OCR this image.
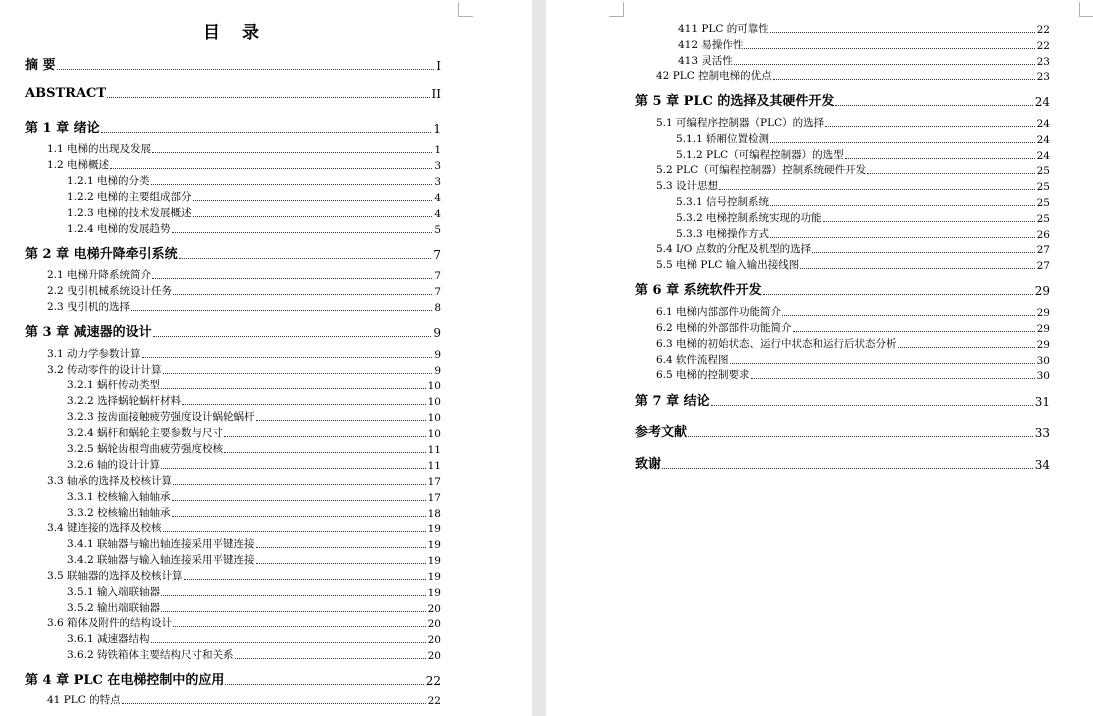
目 录
摘 要	I
ABSTRACT	II
第 1 章 绪论	1
1.1 电梯的出现及发展	1
1.2 电梯概述	3
1.2.1 电梯的分类	3
1.2.2 电梯的主要组成部分	4
1.2.3 电梯的技术发展概述	4
1.2.4 电梯的发展趋势	5
第 2 章 电梯升降牵引系统	7
2.1 电梯升降系统简介	7
2.2 曳引机械系统设计任务	7
2.3 曳引机的选择	8
第 3 章 减速器的设计	9
3.1 动力学参数计算	9
3.2 传动零件的设计计算	9
3.2.1 蜗杆传动类型	10
3.2.2 选择蜗轮蜗杆材料	10
3.2.3 按齿面接触疲劳强度设计蜗轮蜗杆	10
3.2.4 蜗杆和蜗轮主要参数与尺寸	10
3.2.5 蜗轮齿根弯曲疲劳强度校核	11
3.2.6 轴的设计计算	11
3.3 轴承的选择及校核计算	17
3.3.1 校核输入轴轴承	17
3.3.2 校核输出轴轴承	18
3.4 键连接的选择及校核	19
3.4.1 联轴器与输出轴连接采用平键连接	19
3.4.2 联轴器与输入轴连接采用平键连接	19
3.5 联轴器的选择及校核计算	19
3.5.1 输入端联轴器	19
3.5.2 输出端联轴器	20
3.6 箱体及附件的结构设计	20
3.6.1 减速器结构	20
3.6.2 铸铁箱体主要结构尺寸和关系	20
第 4 章 PLC 在电梯控制中的应用	22
41 PLC 的特点	22
411 PLC 的可靠性	22
412 易操作性	22
413 灵活性	23
42 PLC 控制电梯的优点	23
第 5 章 PLC 的选择及其硬件开发	24
5.1 可编程序控制器（PLC）的选择	24
5.1.1 轿厢位置检测	24
5.1.2 PLC（可编程控制器）的选型	24
5.2 PLC（可编程控制器）控制系统硬件开发	25
5.3 设计思想	25
5.3.1 信号控制系统	25
5.3.2 电梯控制系统实现的功能	25
5.3.3 电梯操作方式	26
5.4 I/O 点数的分配及机型的选择	27
5.5 电梯 PLC 输入输出接线图	27
第 6 章 系统软件开发	29
6.1 电梯内部部件功能简介	29
6.2 电梯的外部部件功能简介	29
6.3 电梯的初始状态、运行中状态和运行后状态分析	29
6.4 软件流程图	30
6.5 电梯的控制要求	30
第 7 章 结论	31
参考文献	33
致谢	34
